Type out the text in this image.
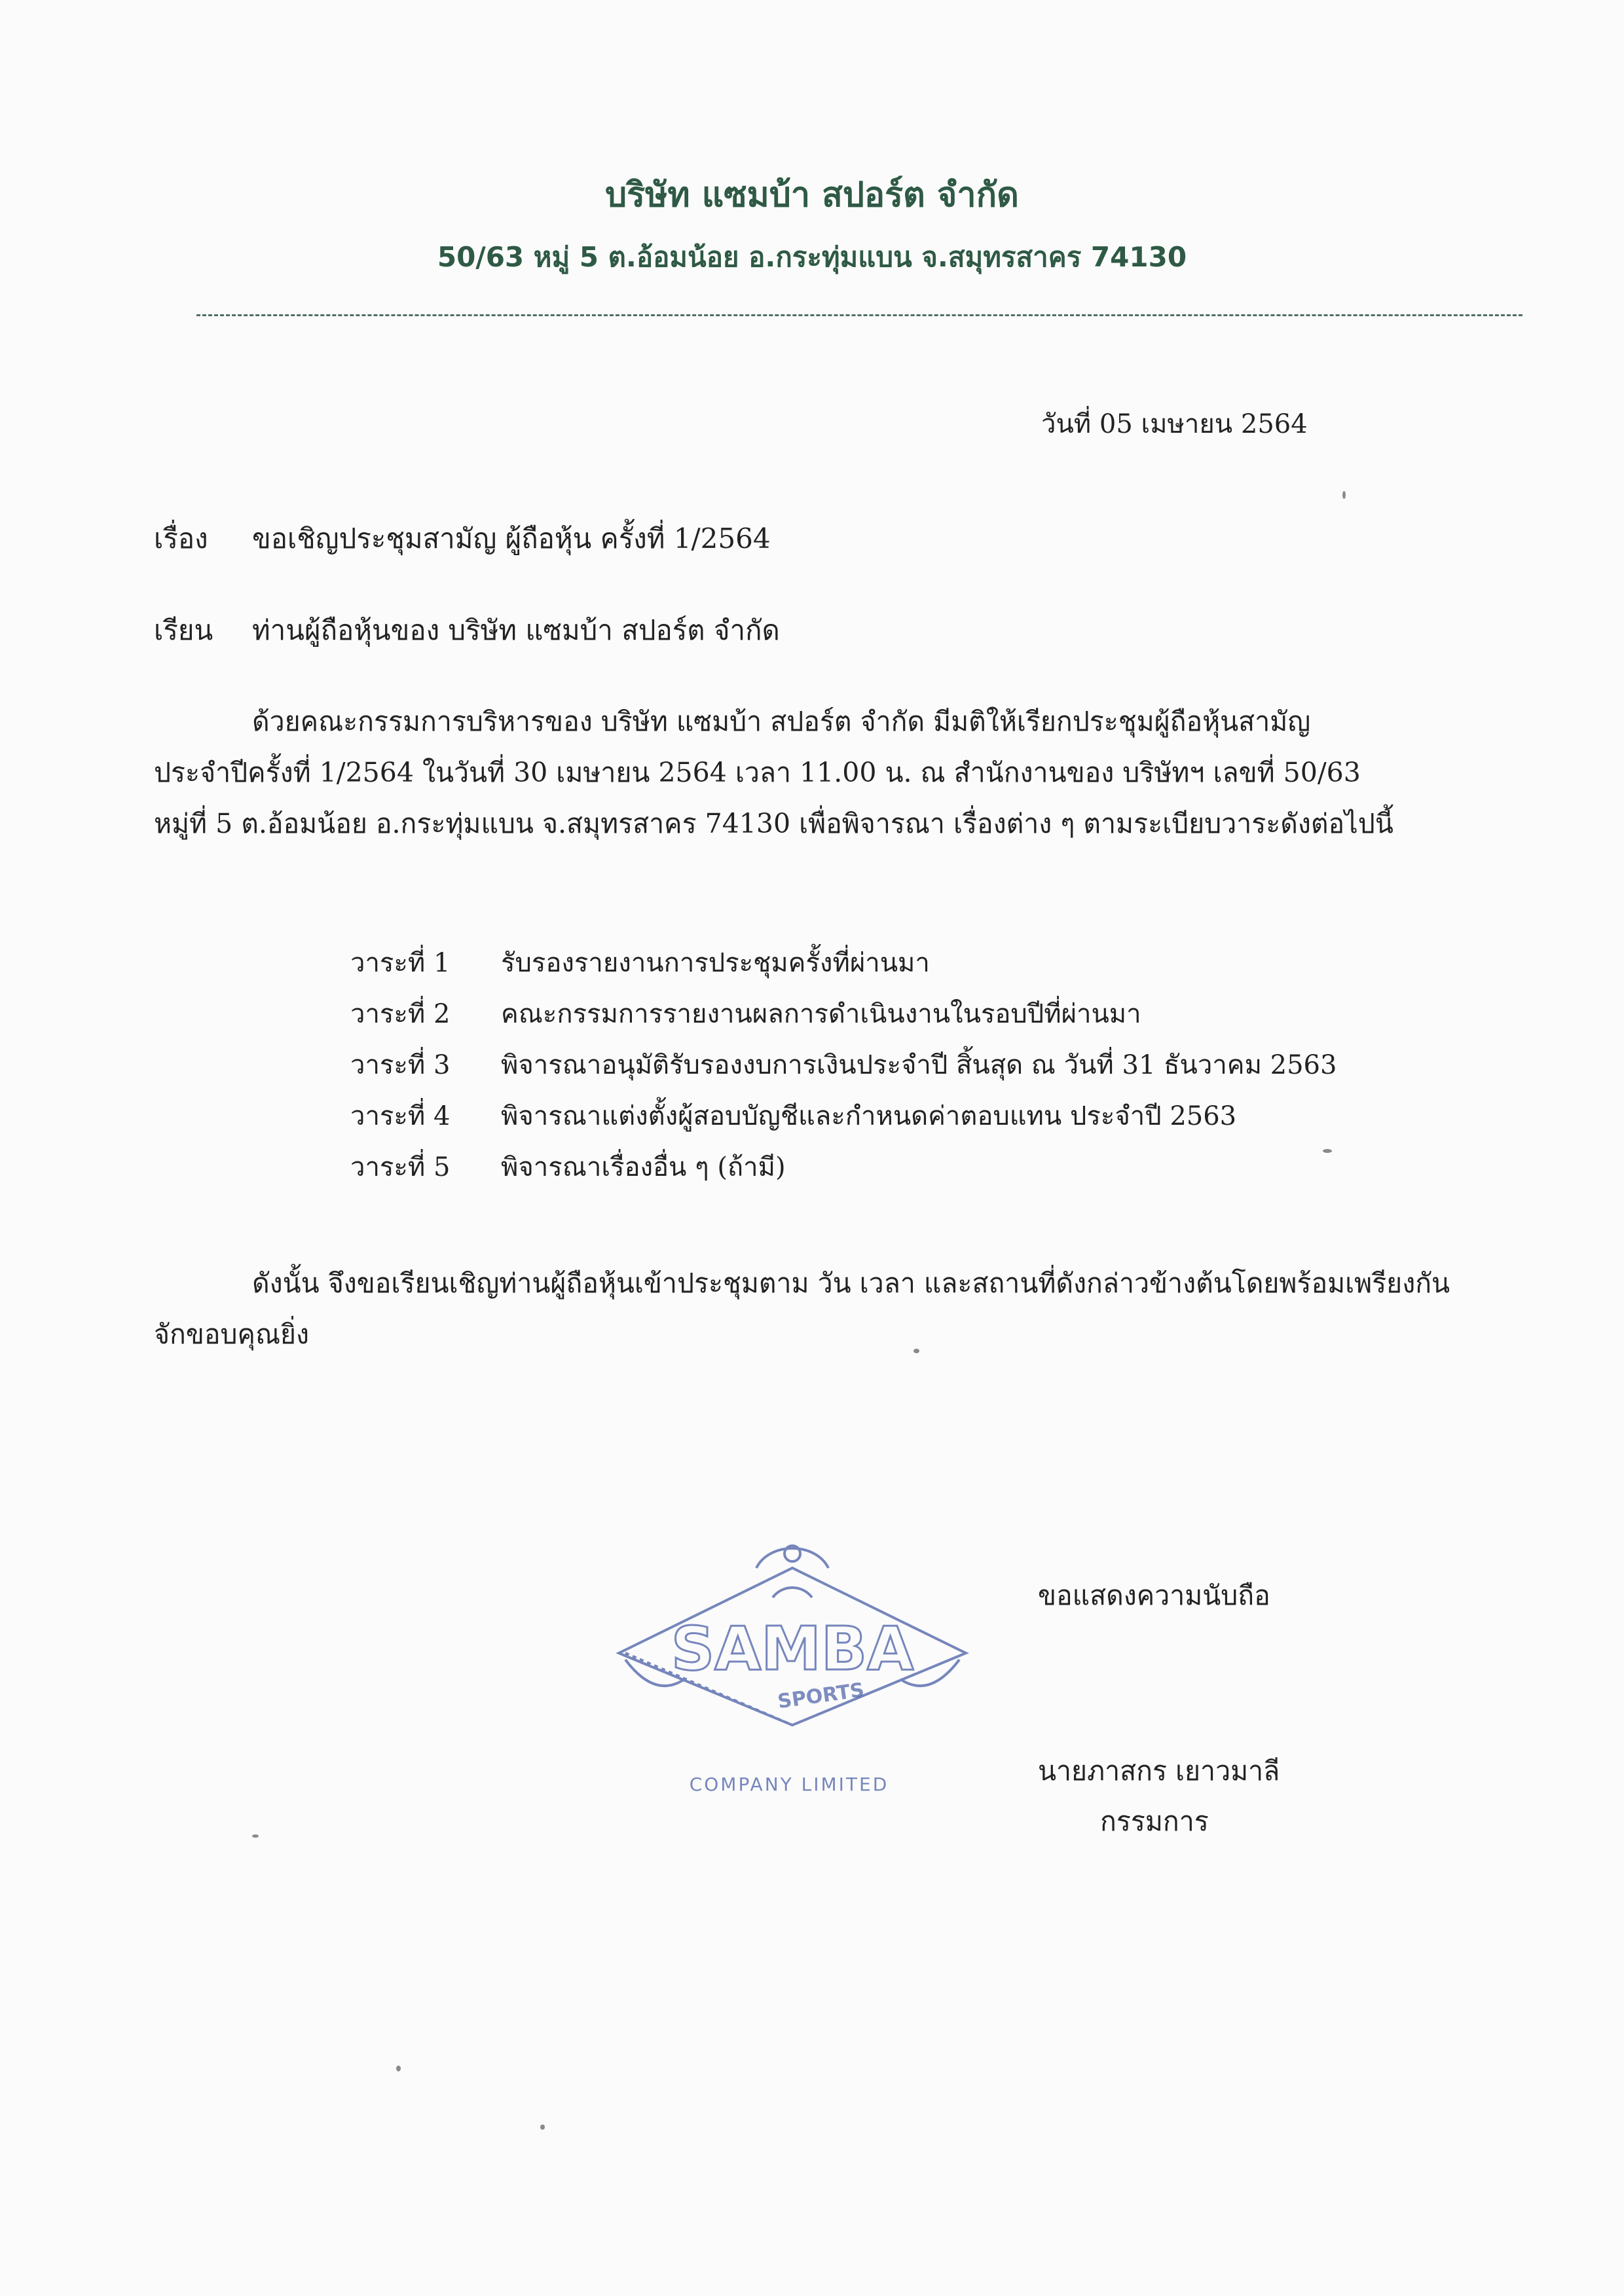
บริษัท แซมบ้า สปอร์ต จำกัด
50/63 หมู่ 5 ต.อ้อมน้อย อ.กระทุ่มแบน จ.สมุทรสาคร 74130
วันที่ 05 เมษายน 2564
เรื่อง ขอเชิญประชุมสามัญ ผู้ถือหุ้น ครั้งที่ 1/2564
เรียน ท่านผู้ถือหุ้นของ บริษัท แซมบ้า สปอร์ต จำกัด
ด้วยคณะกรรมการบริหารของ บริษัท แซมบ้า สปอร์ต จำกัด มีมติให้เรียกประชุมผู้ถือหุ้นสามัญ
ประจำปีครั้งที่ 1/2564 ในวันที่ 30 เมษายน 2564 เวลา 11.00 น. ณ สำนักงานของ บริษัทฯ เลขที่ 50/63
หมู่ที่ 5 ต.อ้อมน้อย อ.กระทุ่มแบน จ.สมุทรสาคร 74130 เพื่อพิจารณา เรื่องต่าง ๆ ตามระเบียบวาระดังต่อไปนี้
วาระที่ 1 รับรองรายงานการประชุมครั้งที่ผ่านมา
วาระที่ 2 คณะกรรมการรายงานผลการดำเนินงานในรอบปีที่ผ่านมา
วาระที่ 3 พิจารณาอนุมัติรับรองงบการเงินประจำปี สิ้นสุด ณ วันที่ 31 ธันวาคม 2563
วาระที่ 4 พิจารณาแต่งตั้งผู้สอบบัญชีและกำหนดค่าตอบแทน ประจำปี 2563
วาระที่ 5 พิจารณาเรื่องอื่น ๆ (ถ้ามี)
ดังนั้น จึงขอเรียนเชิญท่านผู้ถือหุ้นเข้าประชุมตาม วัน เวลา และสถานที่ดังกล่าวข้างต้นโดยพร้อมเพรียงกัน
จักขอบคุณยิ่ง
ขอแสดงความนับถือ
นายภาสกร เยาวมาลี
กรรมการ
SAMBA
SPORTS
COMPANY LIMITED
